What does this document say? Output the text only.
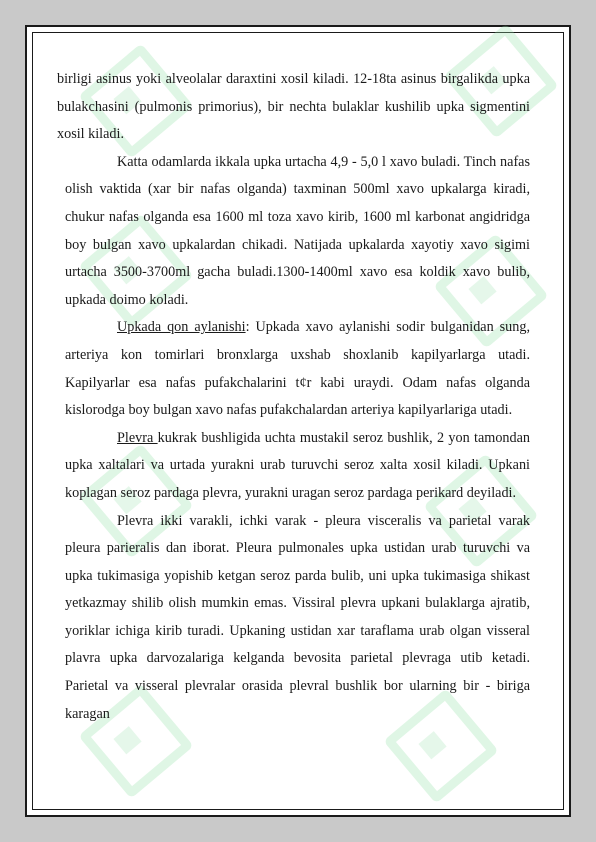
birligi asinus yoki alveolalar daraxtini xosil kiladi. 12-18ta asinus birgalikda upka bulakchasini (pulmonis primorius), bir nechta bulaklar kushilib upka sigmentini xosil kiladi.

Katta odamlarda ikkala upka urtacha 4,9 - 5,0 l xavo buladi. Tinch nafas olish vaktida (xar bir nafas olganda) taxminan 500ml xavo upkalarga kiradi, chukur nafas olganda esa 1600 ml toza xavo kirib, 1600 ml karbonat angidridga boy bulgan xavo upkalardan chikadi. Natijada upkalarda xayotiy xavo sigimi urtacha 3500-3700ml gacha buladi.1300-1400ml xavo esa koldik xavo bulib, upkada doimo koladi.

Upkada qon aylanishi: Upkada xavo aylanishi sodir bulganidan sung, arteriya kon tomirlari bronxlarga uxshab shoxlanib kapilyarlarga utadi. Kapilyarlar esa nafas pufakchalarini t¢r kabi uraydi. Odam nafas olganda kislorodga boy bulgan xavo nafas pufakchalardan arteriya kapilyarlariga utadi.

Plevra kukrak bushligida uchta mustakil seroz bushlik, 2 yon tamondan upka xaltalari va urtada yurakni urab turuvchi seroz xalta xosil kiladi. Upkani koplagan seroz pardaga plevra, yurakni uragan seroz pardaga perikard deyiladi.

Plevra ikki varakli, ichki varak - pleura visceralis va parietal varak pleura parieralis dan iborat. Pleura pulmonales upka ustidan urab turuvchi va upka tukimasiga yopishib ketgan seroz parda bulib, uni upka tukimasiga shikast yetkazmay shilib olish mumkin emas. Vissiral plevra upkani bulaklarga ajratib, yoriklar ichiga kirib turadi. Upkaning ustidan xar taraflama urab olgan visseral plavra upka darvozalariga kelganda bevosita parietal plevraga utib ketadi. Parietal va visseral plevralar orasida plevral bushlik bor ularning bir - biriga karagan
